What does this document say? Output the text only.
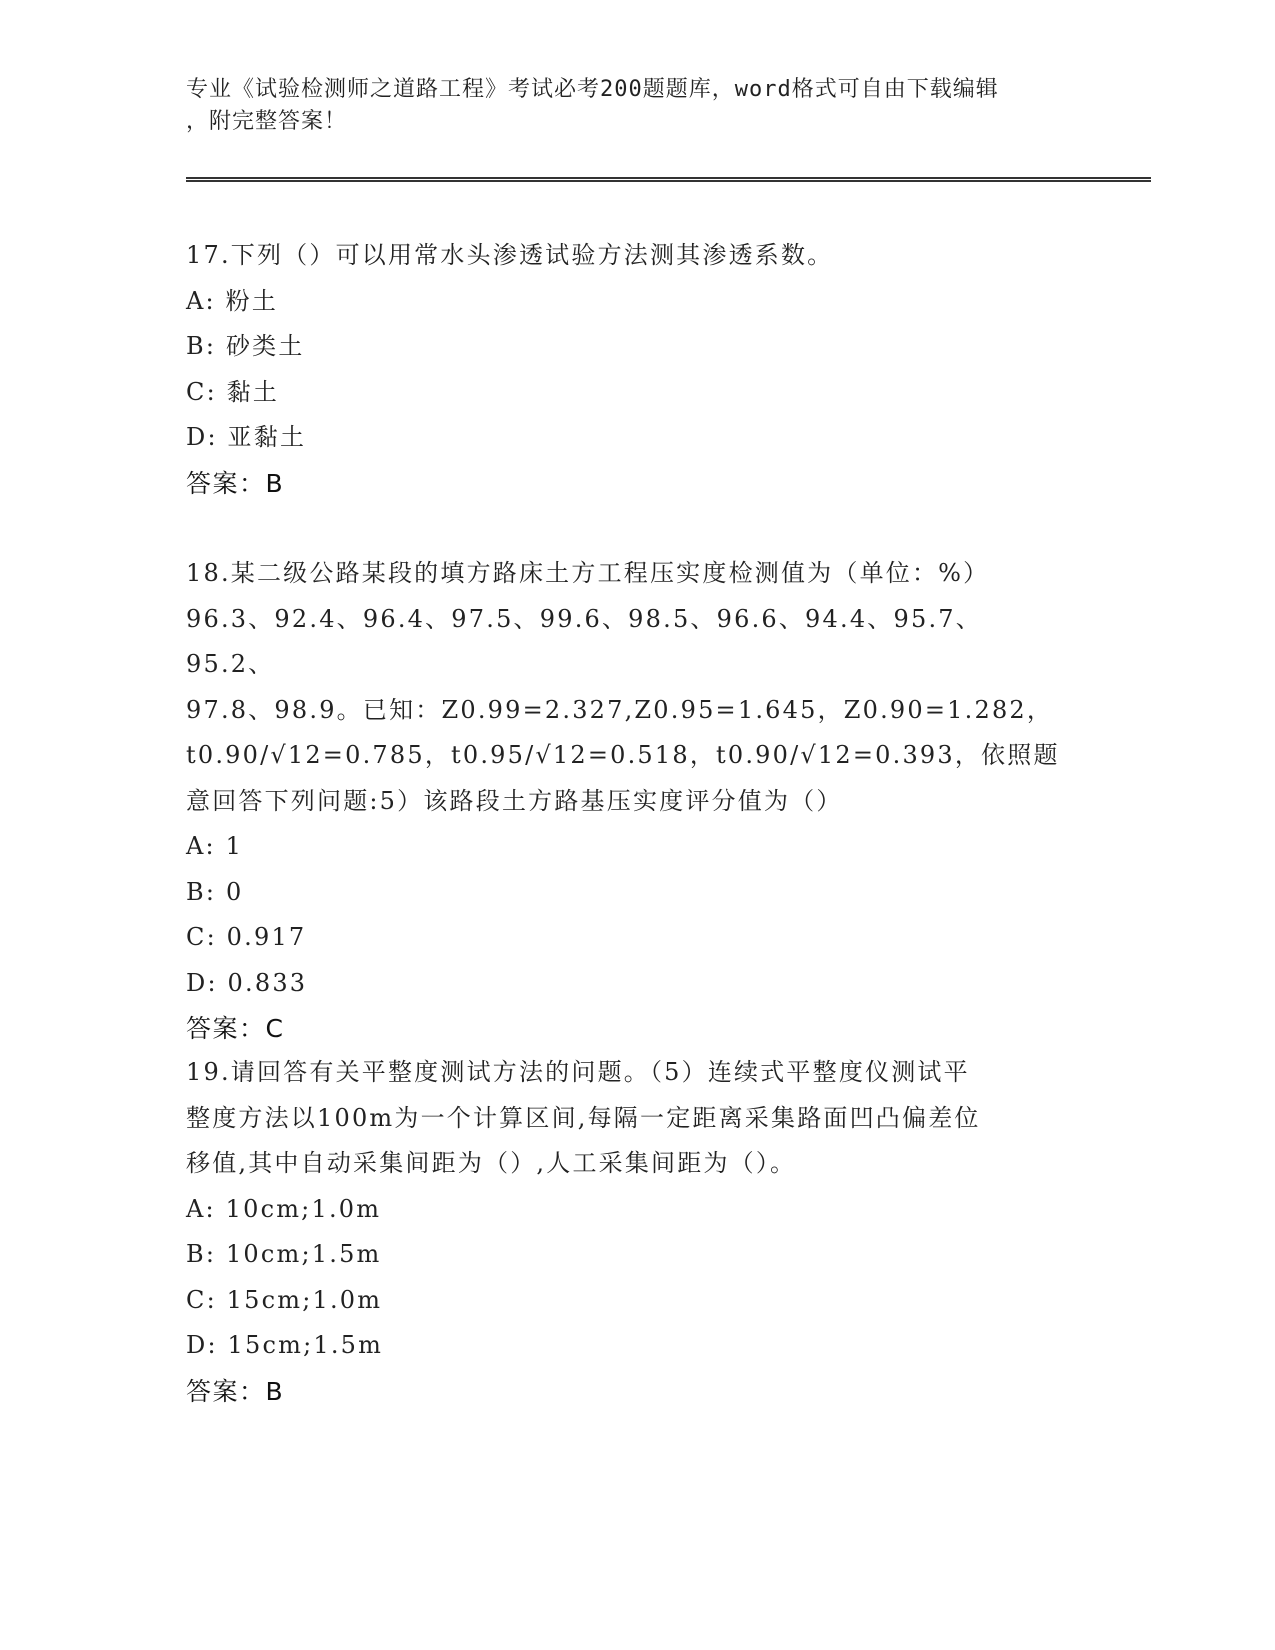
专业《试验检测师之道路工程》考试必考200题题库，word格式可自由下载编辑
，附完整答案！

17.下列（）可以用常水头渗透试验方法测其渗透系数。

A: 粉土

B: 砂类土

C: 黏土

D: 亚黏土

答案：B

18.某二级公路某段的填方路床土方工程压实度检测值为（单位：%）

96.3、92.4、96.4、97.5、99.6、98.5、96.6、94.4、95.7、95.2、

97.8、98.9。已知：Z0.99=2.327,Z0.95=1.645，Z0.90=1.282，

t0.90/√12=0.785，t0.95/√12=0.518，t0.90/√12=0.393，依照题

意回答下列问题:5）该路段土方路基压实度评分值为（）

A: 1

B: 0

C: 0.917

D: 0.833

答案：C

19.请回答有关平整度测试方法的问题。（5）连续式平整度仪测试平

整度方法以100m为一个计算区间,每隔一定距离采集路面凹凸偏差位

移值,其中自动采集间距为（）,人工采集间距为（）。

A: 10cm;1.0m

B: 10cm;1.5m

C: 15cm;1.0m

D: 15cm;1.5m

答案：B
